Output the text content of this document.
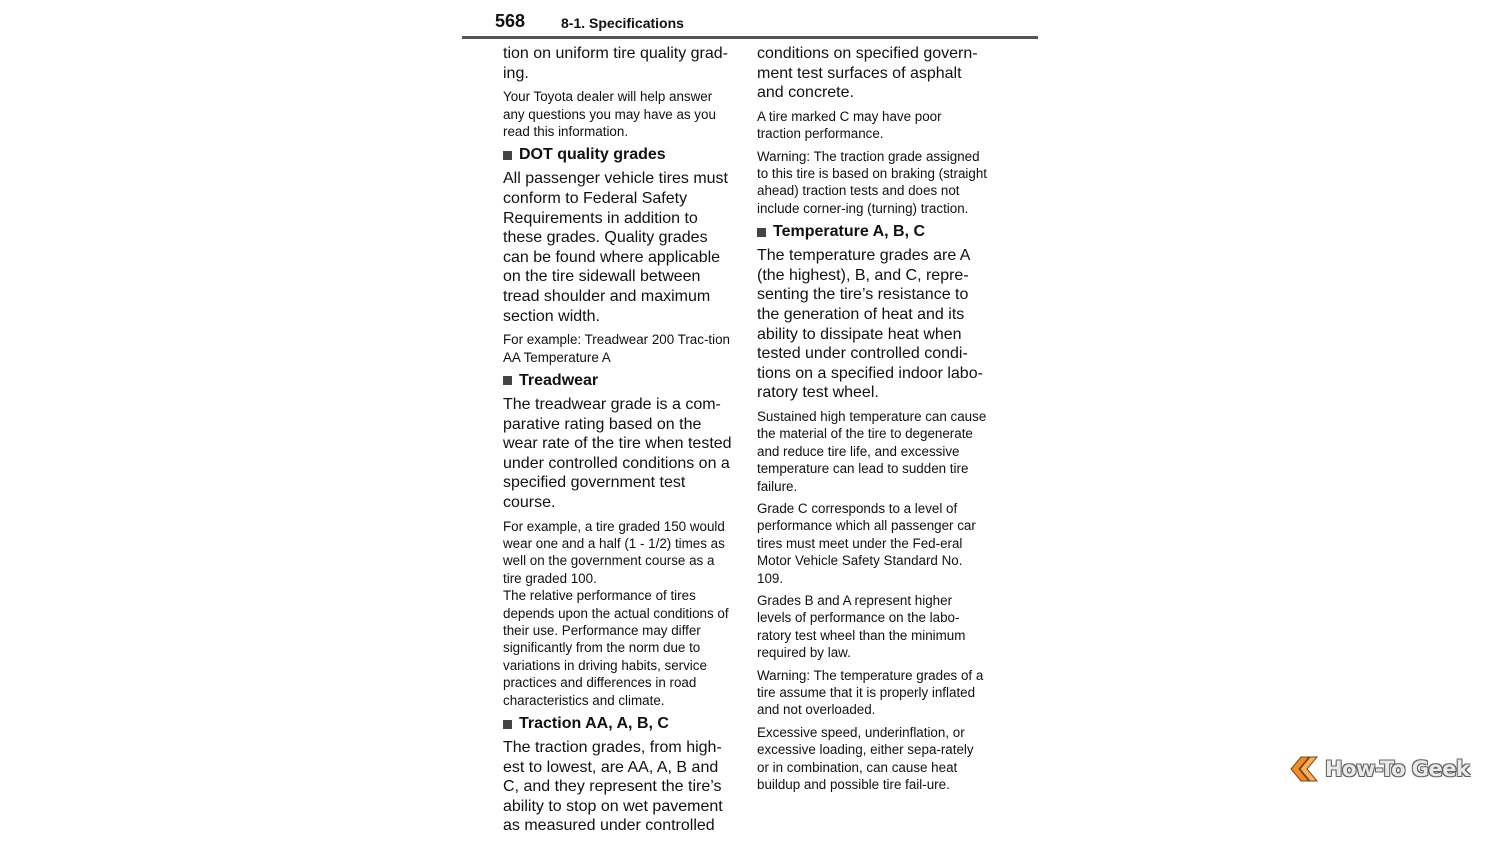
568	8-1. Specifications

tion on uniform tire quality grad-ing.

Your Toyota dealer will help answer any questions you may have as you read this information.

DOT quality grades

All passenger vehicle tires must conform to Federal Safety Requirements in addition to these grades. Quality grades can be found where applicable on the tire sidewall between tread shoulder and maximum section width.

For example: Treadwear 200 Trac-tion AA Temperature A

Treadwear

The treadwear grade is a com-parative rating based on the wear rate of the tire when tested under controlled conditions on a specified government test course.

For example, a tire graded 150 would wear one and a half (1 - 1/2) times as well on the government course as a tire graded 100.

The relative performance of tires depends upon the actual conditions of their use. Performance may differ significantly from the norm due to variations in driving habits, service practices and differences in road characteristics and climate.

Traction AA, A, B, C

The traction grades, from high-est to lowest, are AA, A, B and C, and they represent the tire’s ability to stop on wet pavement as measured under controlled

conditions on specified govern-ment test surfaces of asphalt and concrete.

A tire marked C may have poor traction performance.

Warning: The traction grade assigned to this tire is based on braking (straight ahead) traction tests and does not include corner-ing (turning) traction.

Temperature A, B, C

The temperature grades are A (the highest), B, and C, repre-senting the tire’s resistance to the generation of heat and its ability to dissipate heat when tested under controlled condi-tions on a specified indoor labo-ratory test wheel.

Sustained high temperature can cause the material of the tire to degenerate and reduce tire life, and excessive temperature can lead to sudden tire failure.

Grade C corresponds to a level of performance which all passenger car tires must meet under the Fed-eral Motor Vehicle Safety Standard No. 109.

Grades B and A represent higher levels of performance on the labo-ratory test wheel than the minimum required by law.

Warning: The temperature grades of a tire assume that it is properly inflated and not overloaded.

Excessive speed, underinflation, or excessive loading, either sepa-rately or in combination, can cause heat buildup and possible tire fail-ure.

How-To Geek
